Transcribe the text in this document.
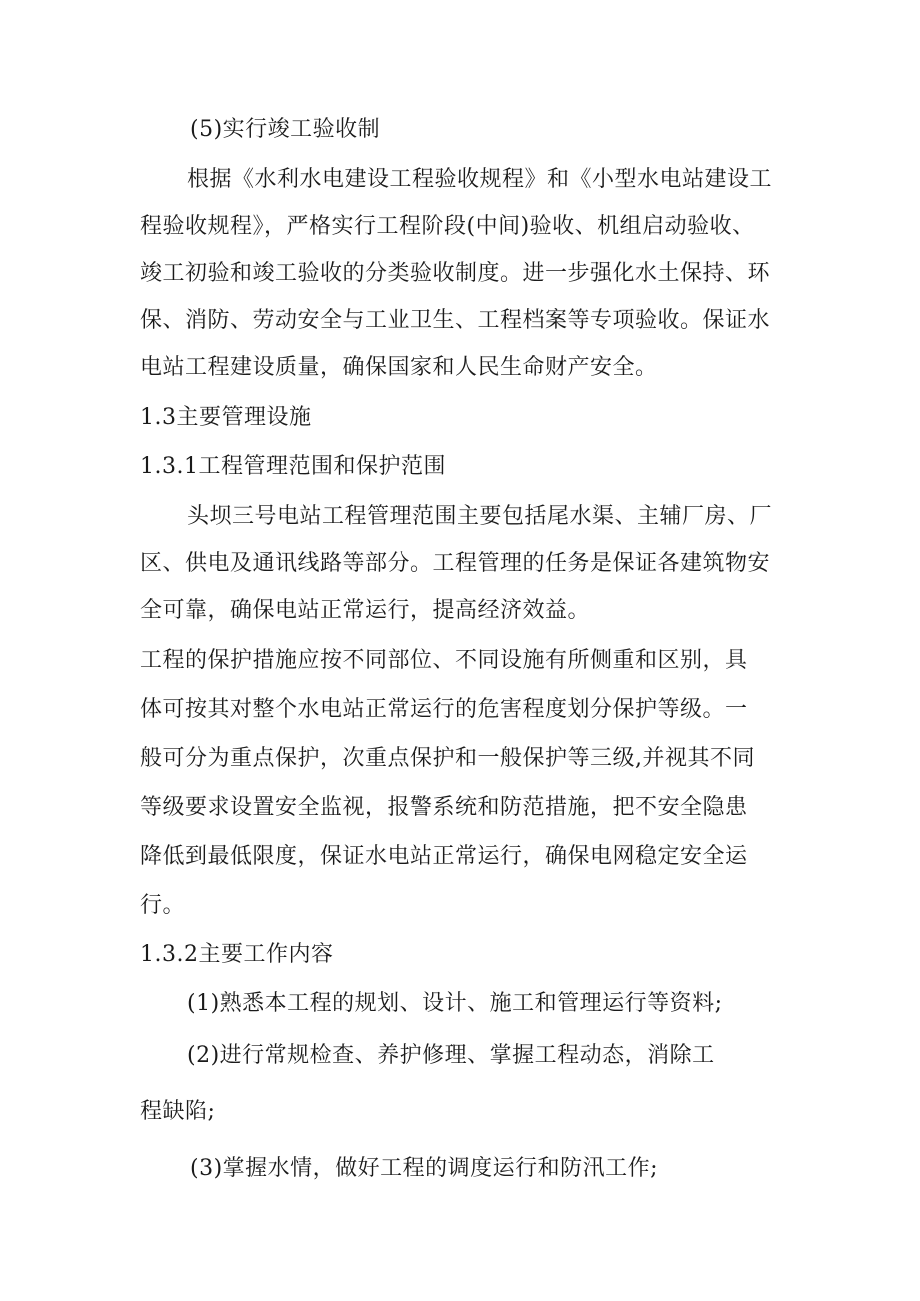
(5)实行竣工验收制
根据《水利水电建设工程验收规程》和《小型水电站建设工
程验收规程》，严格实行工程阶段(中间)验收、机组启动验收、
竣工初验和竣工验收的分类验收制度。进一步强化水土保持、环
保、消防、劳动安全与工业卫生、工程档案等专项验收。保证水
电站工程建设质量，确保国家和人民生命财产安全。
1.3主要管理设施
1.3.1工程管理范围和保护范围
头坝三号电站工程管理范围主要包括尾水渠、主辅厂房、厂
区、供电及通讯线路等部分。工程管理的任务是保证各建筑物安
全可靠，确保电站正常运行，提高经济效益。
工程的保护措施应按不同部位、不同设施有所侧重和区别，具
体可按其对整个水电站正常运行的危害程度划分保护等级。一
般可分为重点保护，次重点保护和一般保护等三级,并视其不同
等级要求设置安全监视，报警系统和防范措施，把不安全隐患
降低到最低限度，保证水电站正常运行，确保电网稳定安全运
行。
1.3.2主要工作内容
(1)熟悉本工程的规划、设计、施工和管理运行等资料;
(2)进行常规检查、养护修理、掌握工程动态，消除工
程缺陷;
(3)掌握水情，做好工程的调度运行和防汛工作;
